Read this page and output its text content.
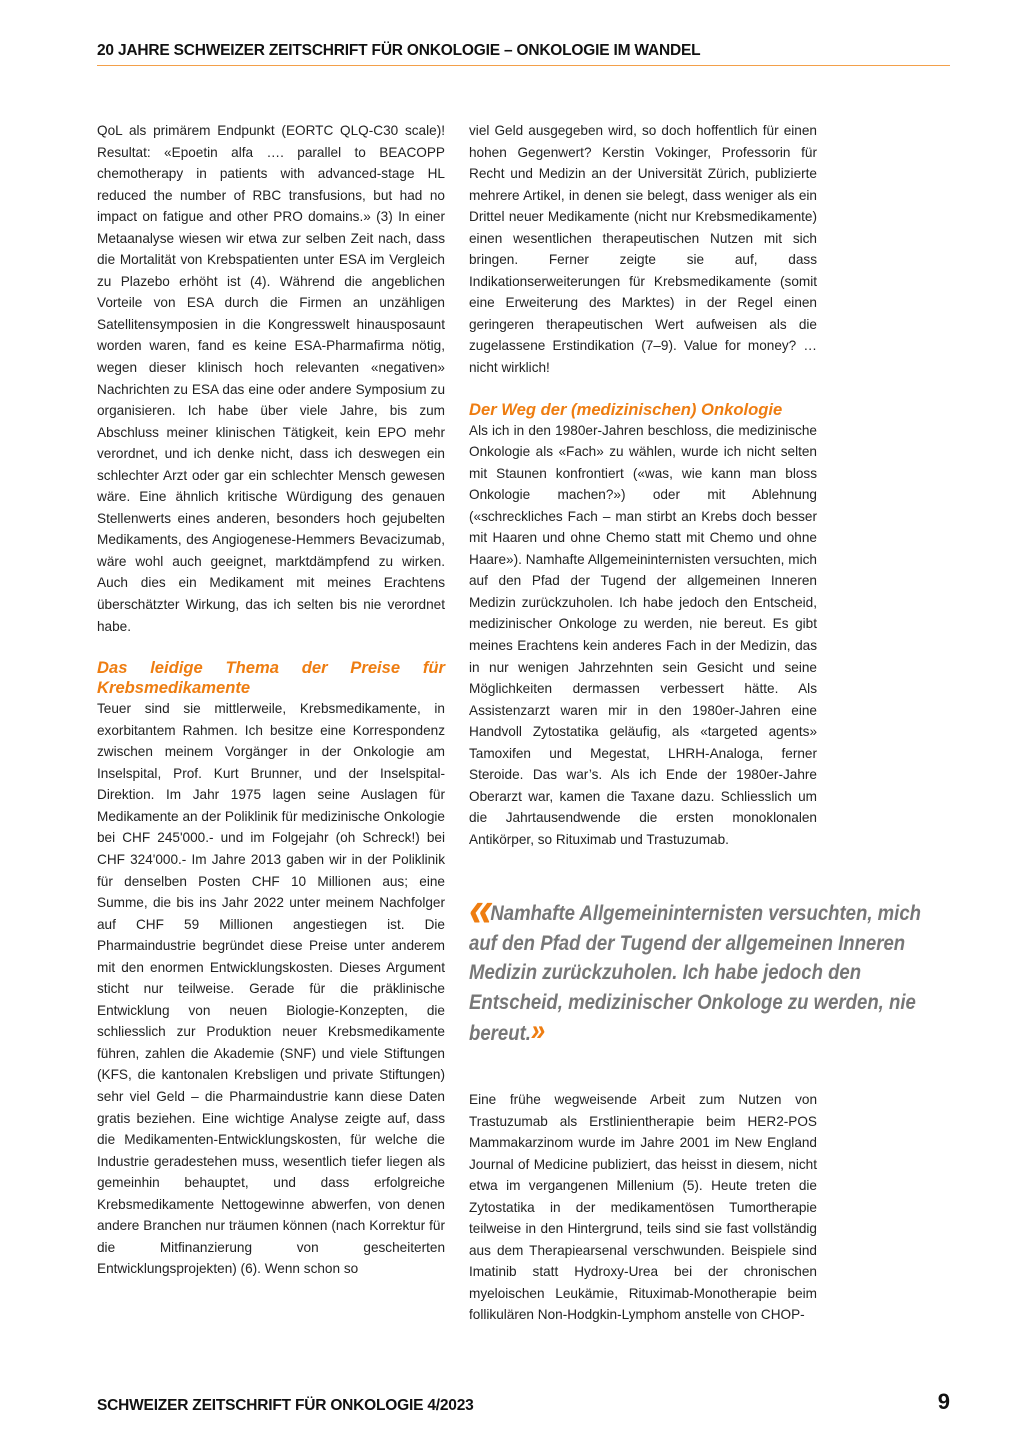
20 JAHRE SCHWEIZER ZEITSCHRIFT FÜR ONKOLOGIE – ONKOLOGIE IM WANDEL

QoL als primärem Endpunkt (EORTC QLQ-C30 scale)! Resultat: «Epoetin alfa …. parallel to BEACOPP chemotherapy in patients with advanced-stage HL reduced the number of RBC transfusions, but had no impact on fatigue and other PRO domains.» (3) In einer Metaanalyse wiesen wir etwa zur selben Zeit nach, dass die Mortalität von Krebspatienten unter ESA im Vergleich zu Plazebo erhöht ist (4). Während die angeblichen Vorteile von ESA durch die Firmen an unzähligen Satellitensymposien in die Kongresswelt hinausposaunt worden waren, fand es keine ESA-Pharmafirma nötig, wegen dieser klinisch hoch relevanten «negativen» Nachrichten zu ESA das eine oder andere Symposium zu organisieren. Ich habe über viele Jahre, bis zum Abschluss meiner klinischen Tätigkeit, kein EPO mehr verordnet, und ich denke nicht, dass ich deswegen ein schlechter Arzt oder gar ein schlechter Mensch gewesen wäre. Eine ähnlich kritische Würdigung des genauen Stellenwerts eines anderen, besonders hoch gejubelten Medikaments, des Angiogenese-Hemmers Bevacizumab, wäre wohl auch geeignet, marktdämpfend zu wirken. Auch dies ein Medikament mit meines Erachtens überschätzter Wirkung, das ich selten bis nie verordnet habe.

Das leidige Thema der Preise für Krebsmedikamente

Teuer sind sie mittlerweile, Krebsmedikamente, in exorbitantem Rahmen. Ich besitze eine Korrespondenz zwischen meinem Vorgänger in der Onkologie am Inselspital, Prof. Kurt Brunner, und der Inselspital-Direktion. Im Jahr 1975 lagen seine Auslagen für Medikamente an der Poliklinik für medizinische Onkologie bei CHF 245'000.- und im Folgejahr (oh Schreck!) bei CHF 324'000.- Im Jahre 2013 gaben wir in der Poliklinik für denselben Posten CHF 10 Millionen aus; eine Summe, die bis ins Jahr 2022 unter meinem Nachfolger auf CHF 59 Millionen angestiegen ist. Die Pharmaindustrie begründet diese Preise unter anderem mit den enormen Entwicklungskosten. Dieses Argument sticht nur teilweise. Gerade für die präklinische Entwicklung von neuen Biologie-Konzepten, die schliesslich zur Produktion neuer Krebsmedikamente führen, zahlen die Akademie (SNF) und viele Stiftungen (KFS, die kantonalen Krebsligen und private Stiftungen) sehr viel Geld – die Pharmaindustrie kann diese Daten gratis beziehen. Eine wichtige Analyse zeigte auf, dass die Medikamenten-Entwicklungskosten, für welche die Industrie geradestehen muss, wesentlich tiefer liegen als gemeinhin behauptet, und dass erfolgreiche Krebsmedikamente Nettogewinne abwerfen, von denen andere Branchen nur träumen können (nach Korrektur für die Mitfinanzierung von gescheiterten Entwicklungsprojekten) (6). Wenn schon so

viel Geld ausgegeben wird, so doch hoffentlich für einen hohen Gegenwert? Kerstin Vokinger, Professorin für Recht und Medizin an der Universität Zürich, publizierte mehrere Artikel, in denen sie belegt, dass weniger als ein Drittel neuer Medikamente (nicht nur Krebsmedikamente) einen wesentlichen therapeutischen Nutzen mit sich bringen. Ferner zeigte sie auf, dass Indikationserweiterungen für Krebsmedikamente (somit eine Erweiterung des Marktes) in der Regel einen geringeren therapeutischen Wert aufweisen als die zugelassene Erstindikation (7–9). Value for money? … nicht wirklich!

Der Weg der (medizinischen) Onkologie

Als ich in den 1980er-Jahren beschloss, die medizinische Onkologie als «Fach» zu wählen, wurde ich nicht selten mit Staunen konfrontiert («was, wie kann man bloss Onkologie machen?») oder mit Ablehnung («schreckliches Fach – man stirbt an Krebs doch besser mit Haaren und ohne Chemo statt mit Chemo und ohne Haare»). Namhafte Allgemeininternisten versuchten, mich auf den Pfad der Tugend der allgemeinen Inneren Medizin zurückzuholen. Ich habe jedoch den Entscheid, medizinischer Onkologe zu werden, nie bereut. Es gibt meines Erachtens kein anderes Fach in der Medizin, das in nur wenigen Jahrzehnten sein Gesicht und seine Möglichkeiten dermassen verbessert hätte. Als Assistenzarzt waren mir in den 1980er-Jahren eine Handvoll Zytostatika geläufig, als «targeted agents» Tamoxifen und Megestat, LHRH-Analoga, ferner Steroide. Das war’s. Als ich Ende der 1980er-Jahre Oberarzt war, kamen die Taxane dazu. Schliesslich um die Jahrtausendwende die ersten monoklonalen Antikörper, so Rituximab und Trastuzumab.

«Namhafte Allgemeininternisten versuchten, mich auf den Pfad der Tugend der allgemeinen Inneren Medizin zurückzuholen. Ich habe jedoch den Entscheid, medizinischer Onkologe zu werden, nie bereut.»

Eine frühe wegweisende Arbeit zum Nutzen von Trastuzumab als Erstlinientherapie beim HER2-POS Mammakarzinom wurde im Jahre 2001 im New England Journal of Medicine publiziert, das heisst in diesem, nicht etwa im vergangenen Millenium (5). Heute treten die Zytostatika in der medikamentösen Tumortherapie teilweise in den Hintergrund, teils sind sie fast vollständig aus dem Therapiearsenal verschwunden. Beispiele sind Imatinib statt Hydroxy-Urea bei der chronischen myeloischen Leukämie, Rituximab-Monotherapie beim follikulären Non-Hodgkin-Lymphom anstelle von CHOP-

SCHWEIZER ZEITSCHRIFT FÜR ONKOLOGIE 4/2023	9
